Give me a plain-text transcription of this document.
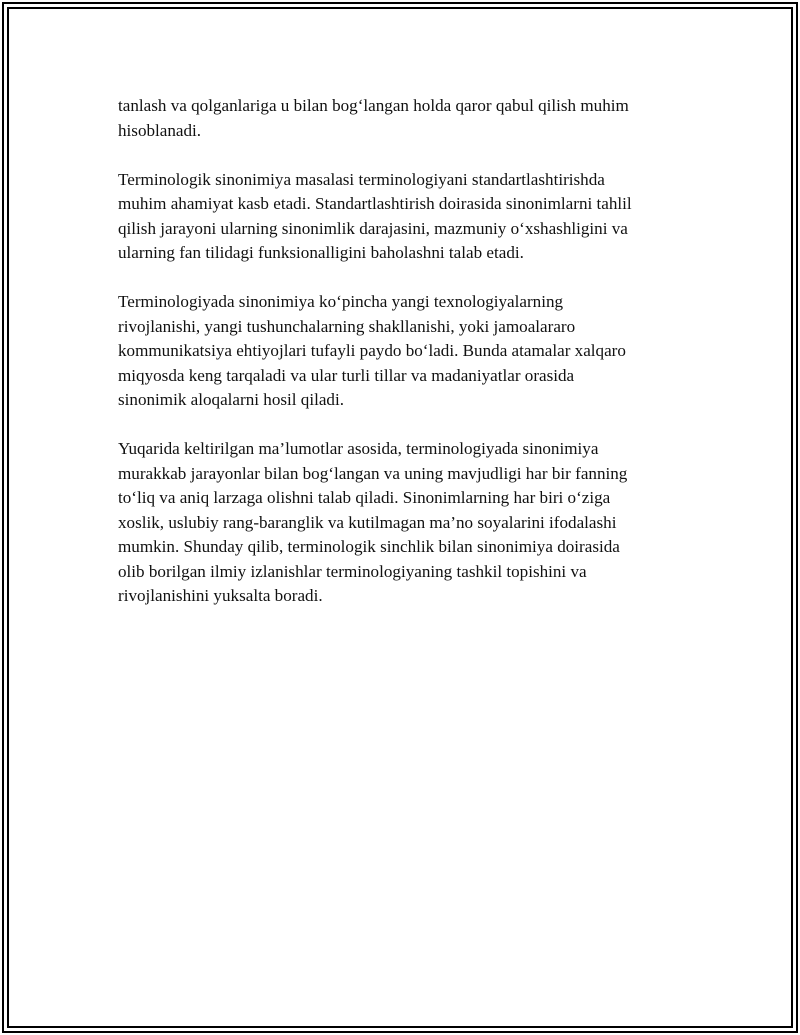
tanlash va qolganlariga u bilan bog‘langan holda qaror qabul qilish muhim
hisoblanadi.

Terminologik sinonimiya masalasi terminologiyani standartlashtirishda
muhim ahamiyat kasb etadi. Standartlashtirish doirasida sinonimlarni tahlil
qilish jarayoni ularning sinonimlik darajasini, mazmuniy o‘xshashligini va
ularning fan tilidagi funksionalligini baholashni talab etadi.

Terminologiyada sinonimiya ko‘pincha yangi texnologiyalarning
rivojlanishi, yangi tushunchalarning shakllanishi, yoki jamoalararo
kommunikatsiya ehtiyojlari tufayli paydo bo‘ladi. Bunda atamalar xalqaro
miqyosda keng tarqaladi va ular turli tillar va madaniyatlar orasida
sinonimik aloqalarni hosil qiladi.

Yuqarida keltirilgan ma’lumotlar asosida, terminologiyada sinonimiya
murakkab jarayonlar bilan bog‘langan va uning mavjudligi har bir fanning
to‘liq va aniq larzaga olishni talab qiladi. Sinonimlarning har biri o‘ziga
xoslik, uslubiy rang-baranglik va kutilmagan ma’no soyalarini ifodalashi
mumkin. Shunday qilib, terminologik sinchlik bilan sinonimiya doirasida
olib borilgan ilmiy izlanishlar terminologiyaning tashkil topishini va
rivojlanishini yuksalta boradi.
